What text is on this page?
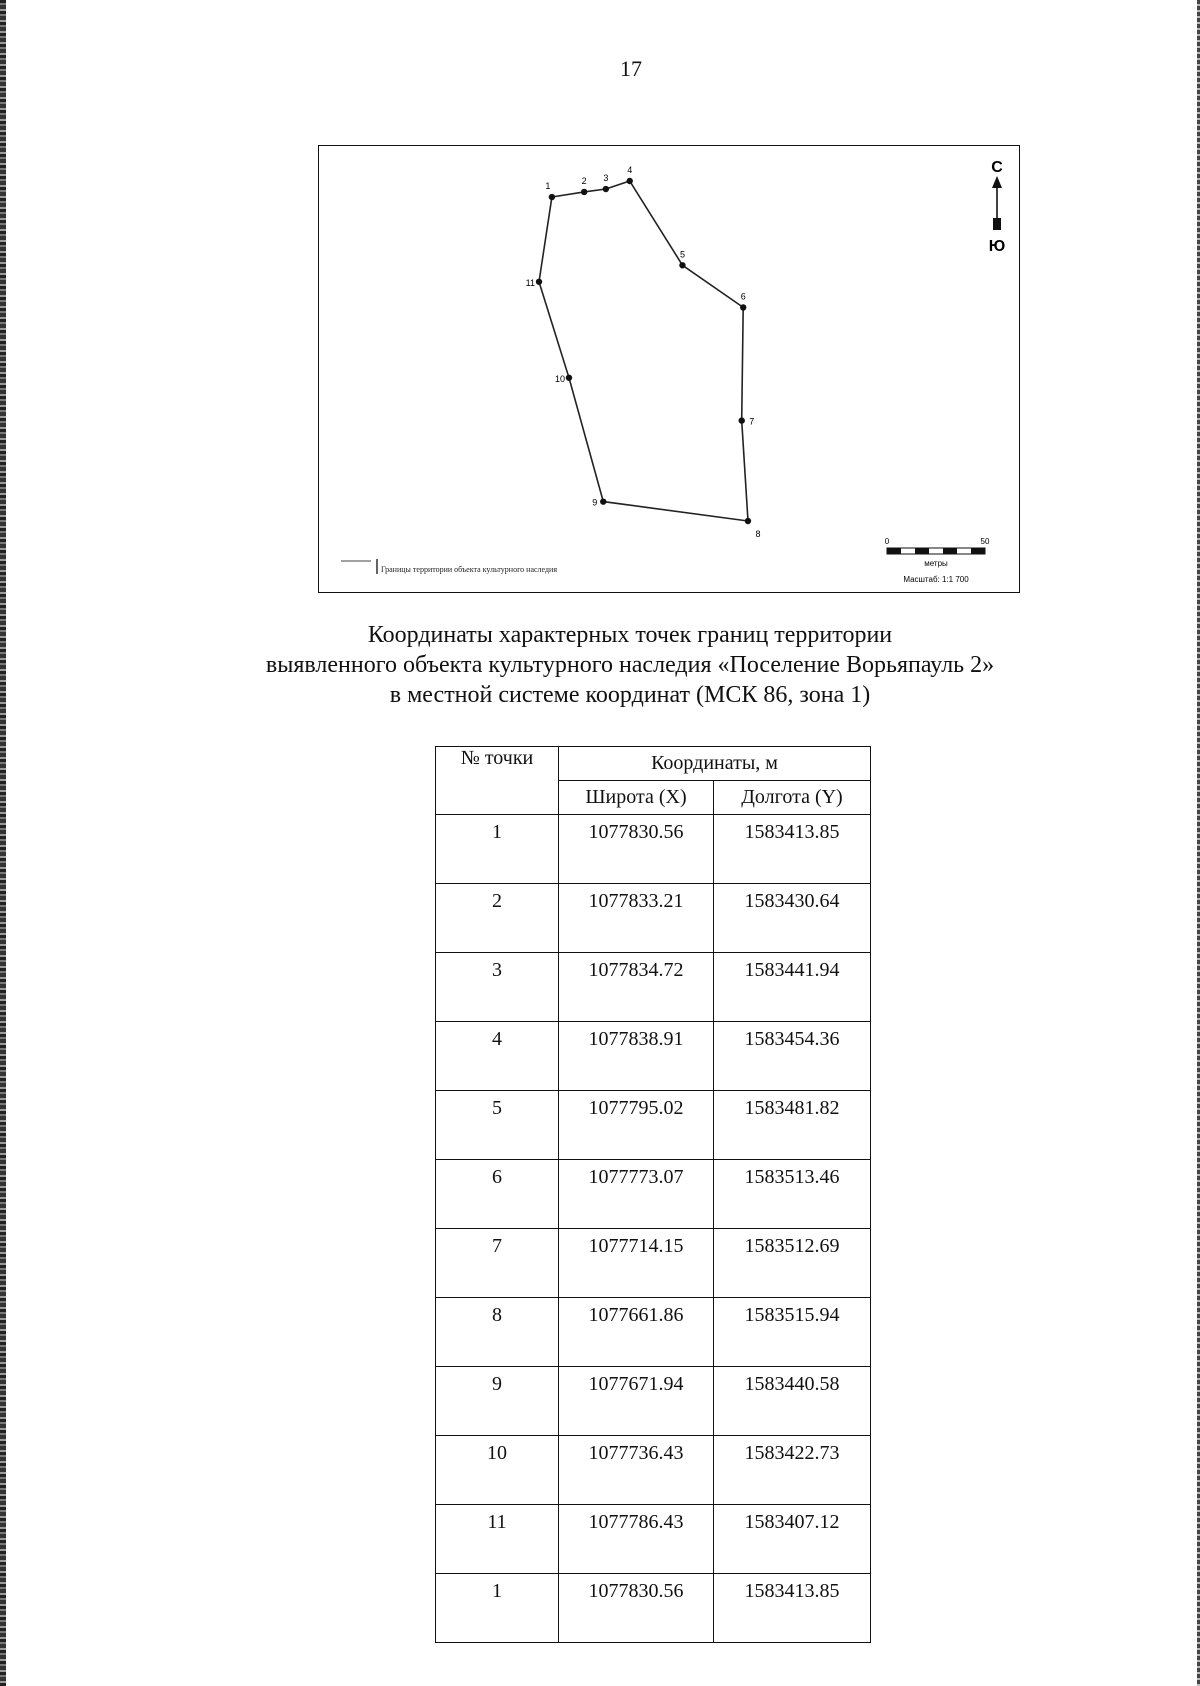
17
1
2 3
4
5
6
7
8
9
10
11
С
Ю
Границы территории объекта культурного наследия
0	50
метры
Масштаб: 1:1 700
Координаты характерных точек границ территории
выявленного объекта культурного наследия «Поселение Ворьяпауль 2»
в местной системе координат (МСК 86, зона 1)
№ точки	Координаты, м	
	Широта (X)	Долгота (Y)
1	1077830.56	1583413.85
2	1077833.21	1583430.64
3	1077834.72	1583441.94
4	1077838.91	1583454.36
5	1077795.02	1583481.82
6	1077773.07	1583513.46
7	1077714.15	1583512.69
8	1077661.86	1583515.94
9	1077671.94	1583440.58
10	1077736.43	1583422.73
11	1077786.43	1583407.12
1	1077830.56	1583413.85
